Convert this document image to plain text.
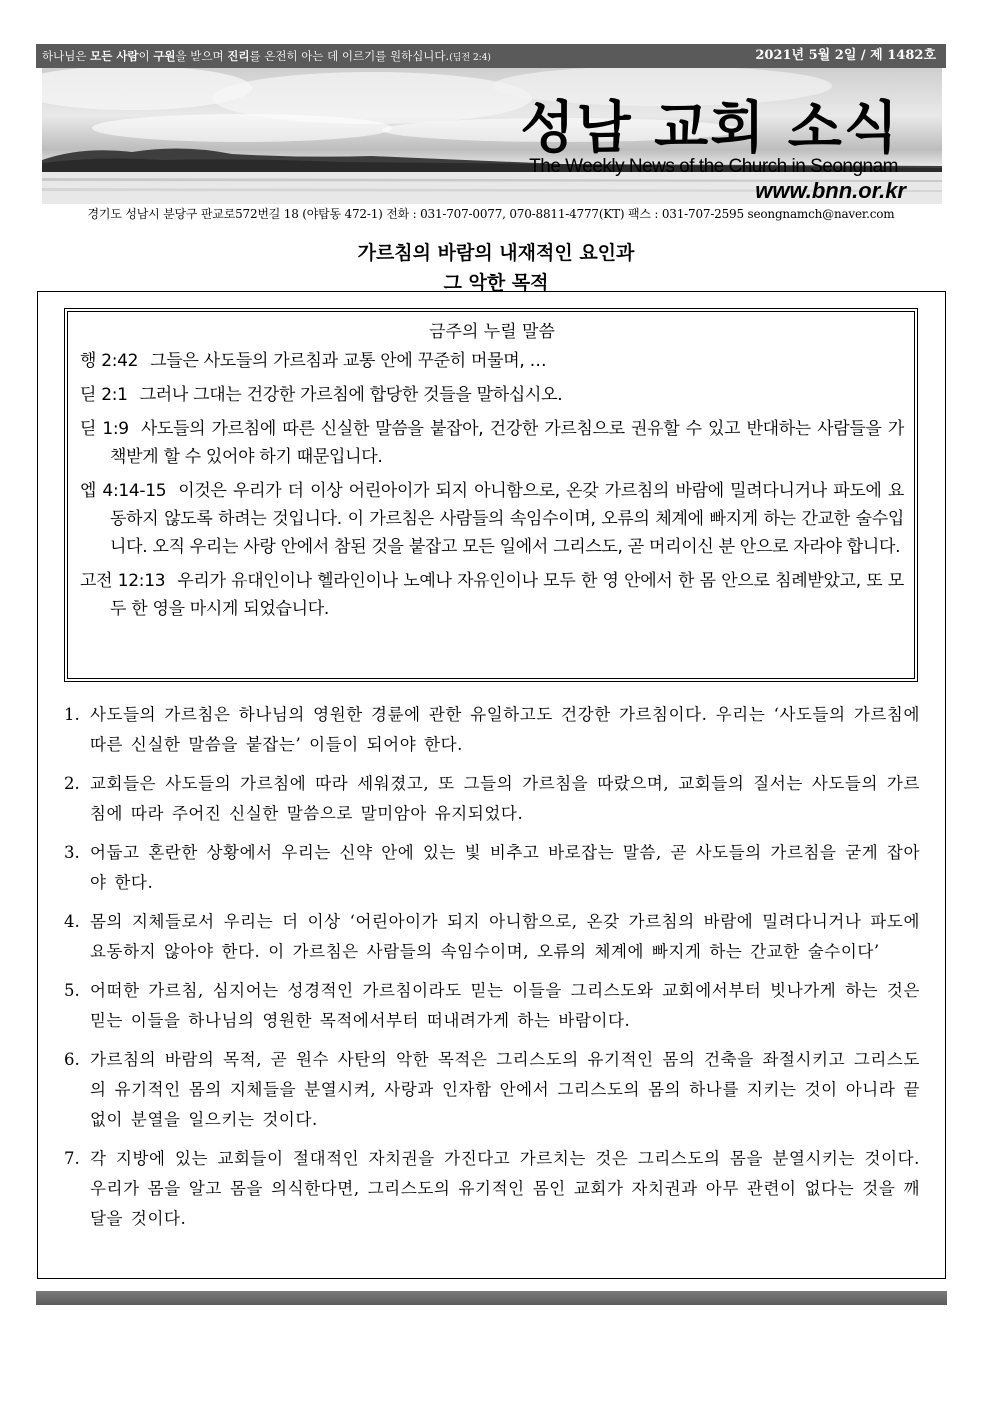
하나님은 모든 사람이 구원을 받으며 진리를 온전히 아는 데 이르기를 원하십니다.(딤전 2:4)	2021년 5월 2일 / 제 1482호
성남 교회 소식
The Weekly News of the Church in Seongnam
www.bnn.or.kr
경기도 성남시 분당구 판교로572번길 18 (야탑동 472-1) 전화 : 031-707-0077, 070-8811-4777(KT) 팩스 : 031-707-2595 seongnamch@naver.com
가르침의 바람의 내재적인 요인과
그 악한 목적
금주의 누릴 말씀
행 2:42 그들은 사도들의 가르침과 교통 안에 꾸준히 머물며, …
딛 2:1 그러나 그대는 건강한 가르침에 합당한 것들을 말하십시오.
딛 1:9 사도들의 가르침에 따른 신실한 말씀을 붙잡아, 건강한 가르침으로 권유할 수 있고 반대하는 사람들을 가책받게 할 수 있어야 하기 때문입니다.
엡 4:14-15 이것은 우리가 더 이상 어린아이가 되지 아니함으로, 온갖 가르침의 바람에 밀려다니거나 파도에 요동하지 않도록 하려는 것입니다. 이 가르침은 사람들의 속임수이며, 오류의 체계에 빠지게 하는 간교한 술수입니다. 오직 우리는 사랑 안에서 참된 것을 붙잡고 모든 일에서 그리스도, 곧 머리이신 분 안으로 자라야 합니다.
고전 12:13 우리가 유대인이나 헬라인이나 노예나 자유인이나 모두 한 영 안에서 한 몸 안으로 침례받았고, 또 모두 한 영을 마시게 되었습니다.
1. 사도들의 가르침은 하나님의 영원한 경륜에 관한 유일하고도 건강한 가르침이다. 우리는 ‘사도들의 가르침에 따른 신실한 말씀을 붙잡는’ 이들이 되어야 한다.
2. 교회들은 사도들의 가르침에 따라 세워졌고, 또 그들의 가르침을 따랐으며, 교회들의 질서는 사도들의 가르침에 따라 주어진 신실한 말씀으로 말미암아 유지되었다.
3. 어둡고 혼란한 상황에서 우리는 신약 안에 있는 빛 비추고 바로잡는 말씀, 곧 사도들의 가르침을 굳게 잡아야 한다.
4. 몸의 지체들로서 우리는 더 이상 ‘어린아이가 되지 아니함으로, 온갖 가르침의 바람에 밀려다니거나 파도에 요동하지 않아야 한다. 이 가르침은 사람들의 속임수이며, 오류의 체계에 빠지게 하는 간교한 술수이다’
5. 어떠한 가르침, 심지어는 성경적인 가르침이라도 믿는 이들을 그리스도와 교회에서부터 빗나가게 하는 것은 믿는 이들을 하나님의 영원한 목적에서부터 떠내려가게 하는 바람이다.
6. 가르침의 바람의 목적, 곧 원수 사탄의 악한 목적은 그리스도의 유기적인 몸의 건축을 좌절시키고 그리스도의 유기적인 몸의 지체들을 분열시켜, 사랑과 인자함 안에서 그리스도의 몸의 하나를 지키는 것이 아니라 끝없이 분열을 일으키는 것이다.
7. 각 지방에 있는 교회들이 절대적인 자치권을 가진다고 가르치는 것은 그리스도의 몸을 분열시키는 것이다. 우리가 몸을 알고 몸을 의식한다면, 그리스도의 유기적인 몸인 교회가 자치권과 아무 관련이 없다는 것을 깨달을 것이다.
